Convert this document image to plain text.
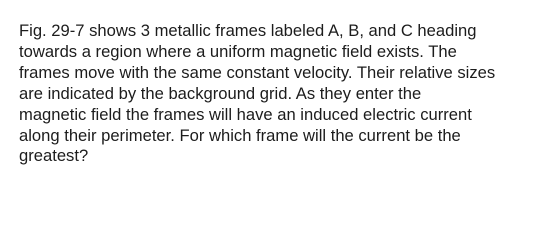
Fig. 29-7 shows 3 metallic frames labeled A, B, and C heading
towards a region where a uniform magnetic field exists. The
frames move with the same constant velocity. Their relative sizes
are indicated by the background grid. As they enter the
magnetic field the frames will have an induced electric current
along their perimeter. For which frame will the current be the
greatest?
